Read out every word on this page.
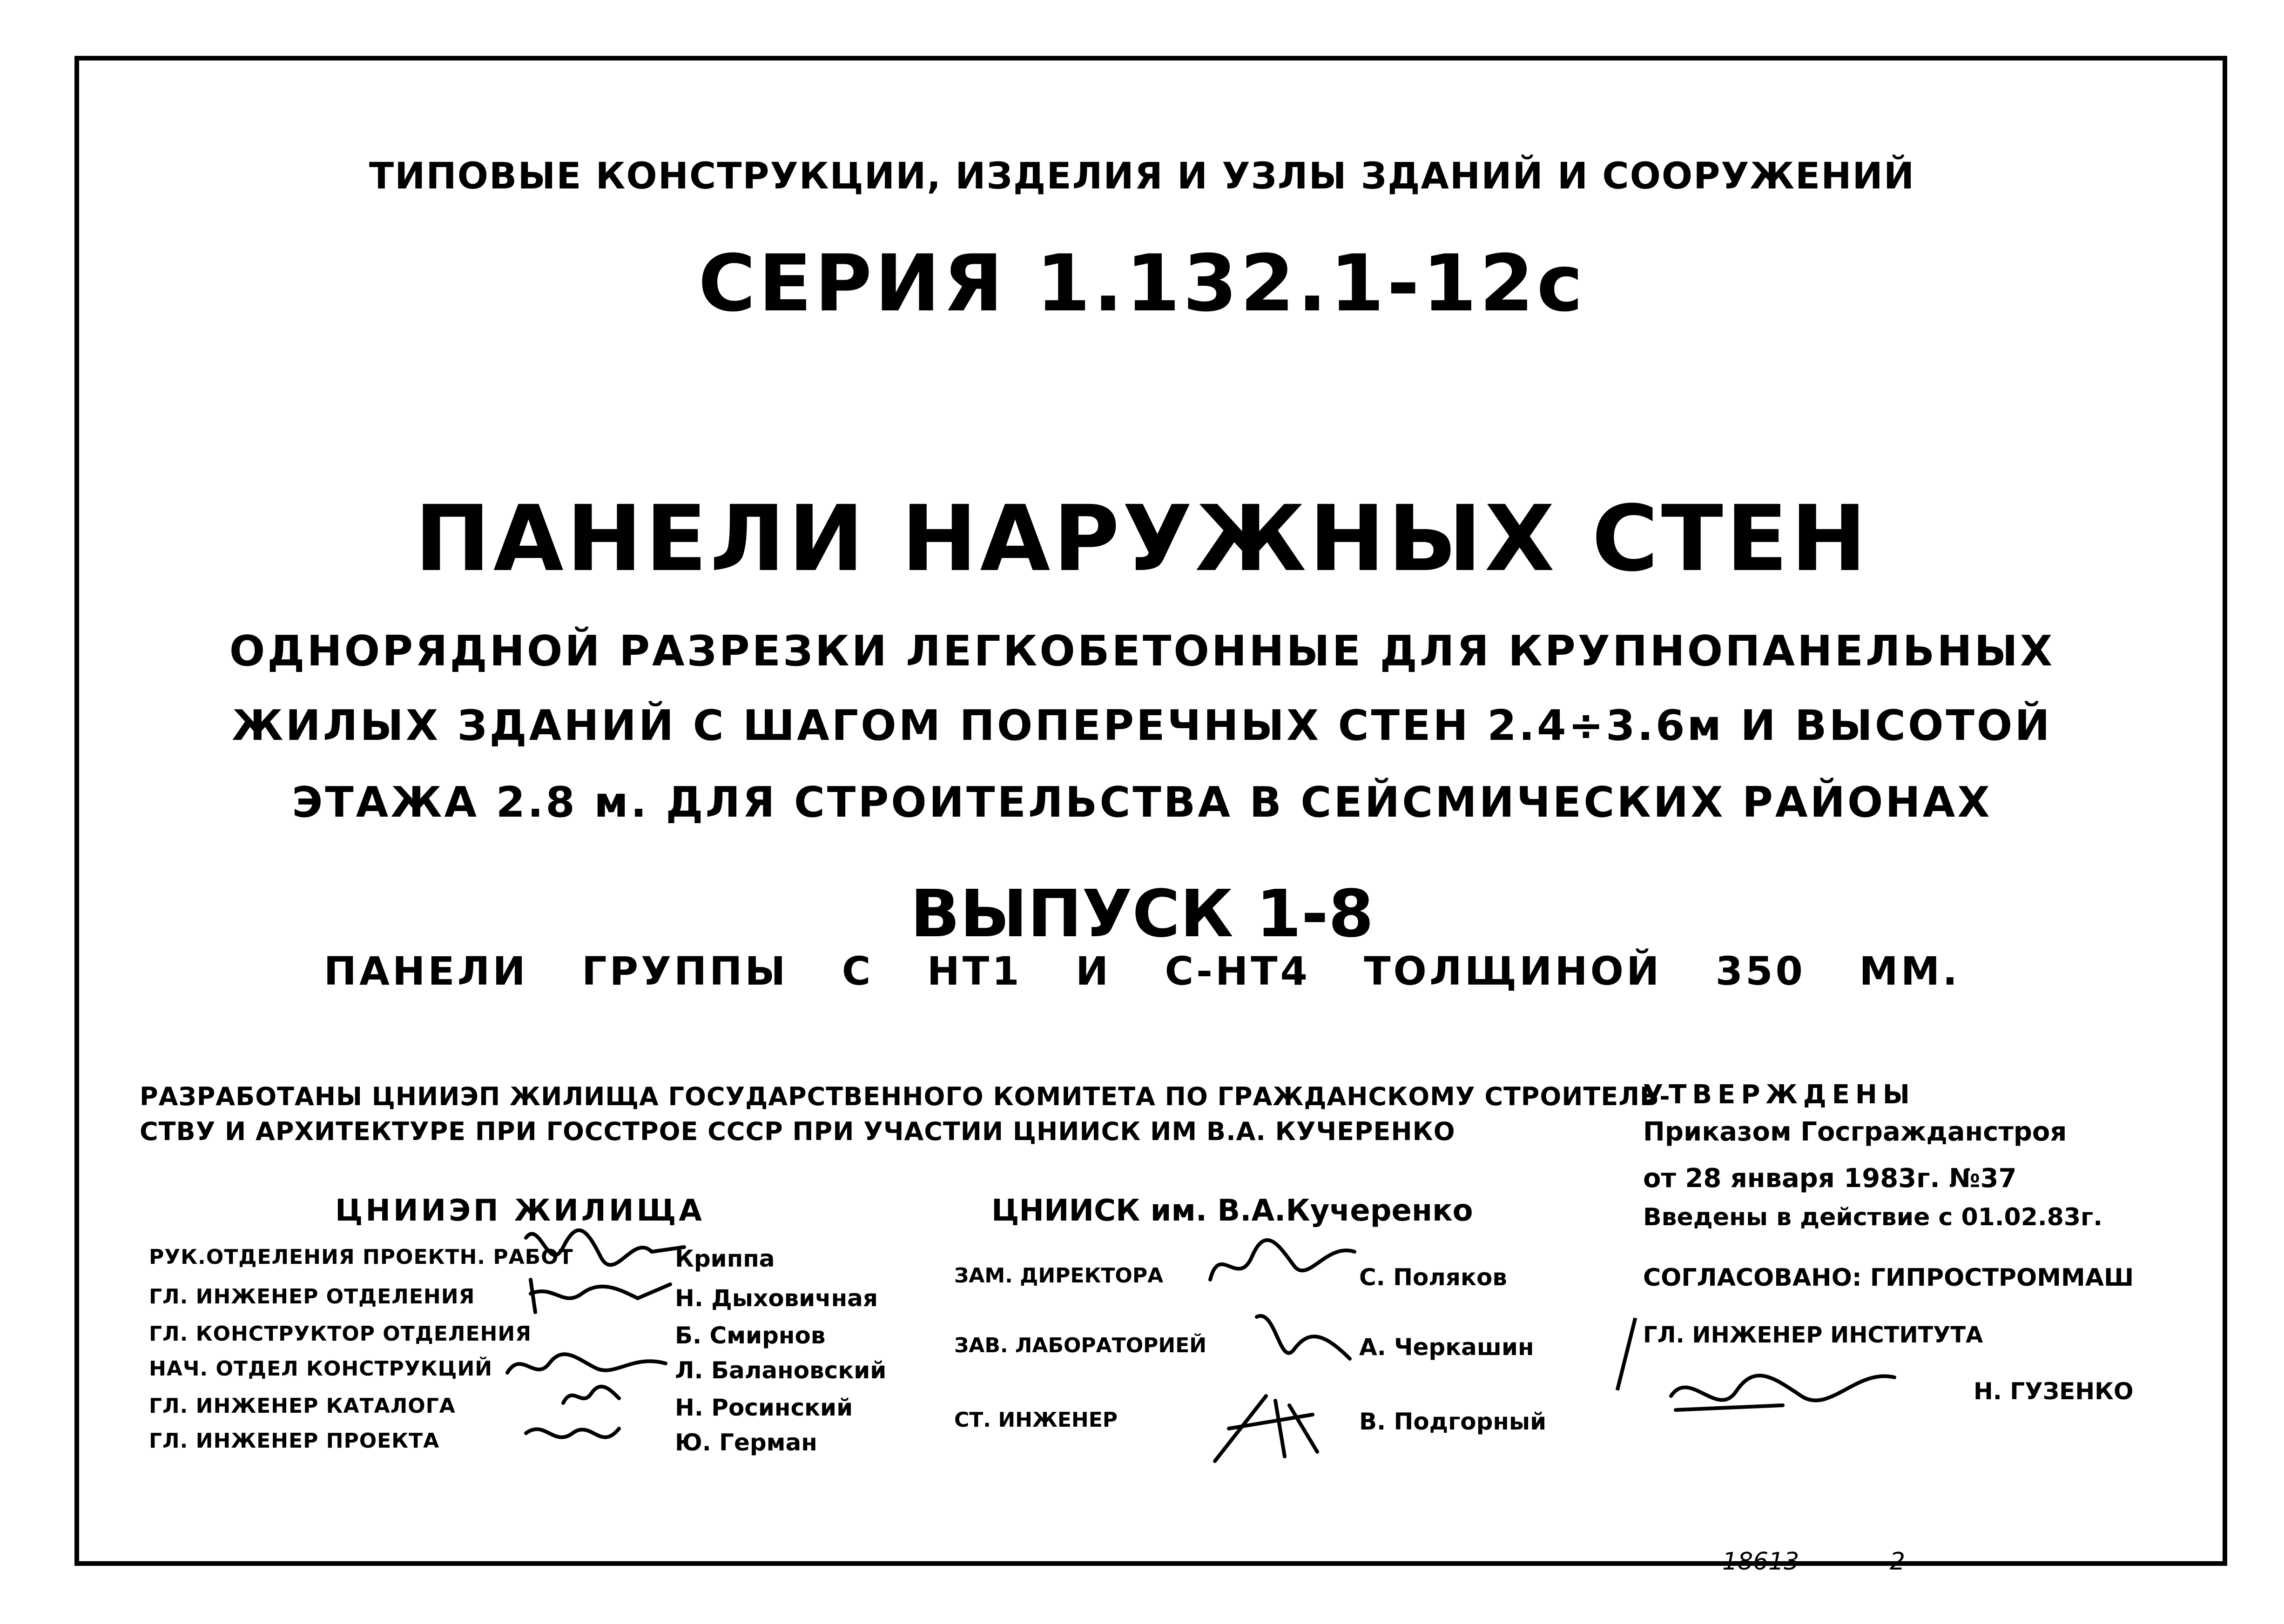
ТИПОВЫЕ КОНСТРУКЦИИ, ИЗДЕЛИЯ И УЗЛЫ ЗДАНИЙ И СООРУЖЕНИЙ
СЕРИЯ 1.132.1-12с
ПАНЕЛИ НАРУЖНЫХ СТЕН
ОДНОРЯДНОЙ РАЗРЕЗКИ ЛЕГКОБЕТОННЫЕ ДЛЯ КРУПНОПАНЕЛЬНЫХ
ЖИЛЫХ ЗДАНИЙ С ШАГОМ ПОПЕРЕЧНЫХ СТЕН 2.4÷3.6м И ВЫСОТОЙ
ЭТАЖА 2.8 м. ДЛЯ СТРОИТЕЛЬСТВА В СЕЙСМИЧЕСКИХ РАЙОНАХ
ВЫПУСК 1-8
ПАНЕЛИ ГРУППЫ С НТ1 И С-НТ4 ТОЛЩИНОЙ 350 ММ.
РАЗРАБОТАНЫ ЦНИИЭП ЖИЛИЩА ГОСУДАРСТВЕННОГО КОМИТЕТА ПО ГРАЖДАНСКОМУ СТРОИТЕЛЬ-
СТВУ И АРХИТЕКТУРЕ ПРИ ГОССТРОЕ СССР ПРИ УЧАСТИИ ЦНИИСК ИМ В.А. КУЧЕРЕНКО
УТВЕРЖДЕНЫ
Приказом Госгражданстроя
от 28 января 1983г. №37
Введены в действие с 01.02.83г.
СОГЛАСОВАНО: ГИПРОСТРОММАШ
ЦНИИЭП ЖИЛИЩА	ЦНИИСК им. В.А.Кучеренко
РУК.ОТДЕЛЕНИЯ ПРОЕКТН. РАБОТ	Криппа
ГЛ. ИНЖЕНЕР ОТДЕЛЕНИЯ	Н. Дыховичная
ГЛ. КОНСТРУКТОР ОТДЕЛЕНИЯ	Б. Смирнов
НАЧ. ОТДЕЛ КОНСТРУКЦИЙ	Л. Балановский
ГЛ. ИНЖЕНЕР КАТАЛОГА	Н. Росинский
ГЛ. ИНЖЕНЕР ПРОЕКТА	Ю. Герман
ЗАМ. ДИРЕКТОРА	С. Поляков
ЗАВ. ЛАБОРАТОРИЕЙ	А. Черкашин
СТ. ИНЖЕНЕР	В. Подгорный
ГЛ. ИНЖЕНЕР ИНСТИТУТА
Н. ГУЗЕНКО
18613	2
